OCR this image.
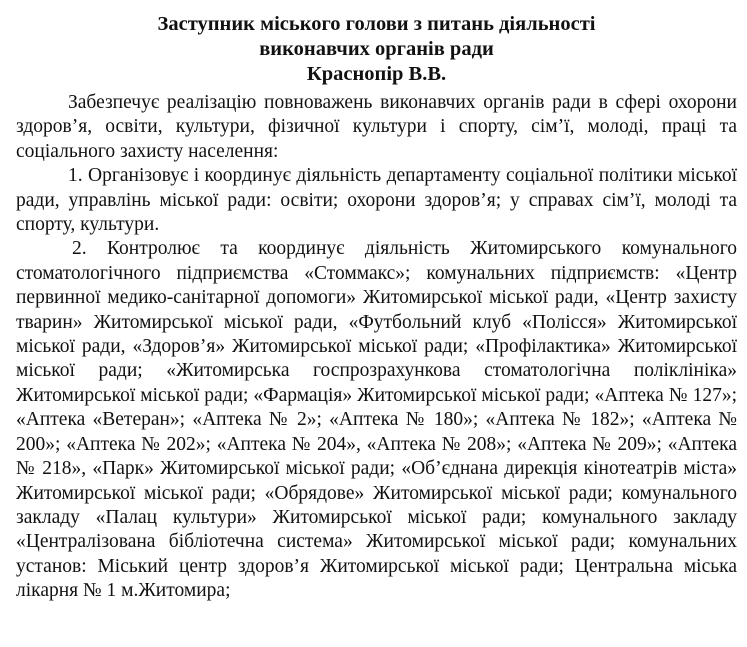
Заступник міського голови з питань діяльності
виконавчих органів ради
Краснопір В.В.

Забезпечує реалізацію повноважень виконавчих органів ради в сфері охорони здоров’я, освіти, культури, фізичної культури і спорту, сім’ї, молоді, праці та соціального захисту населення:

1. Організовує і координує діяльність департаменту соціальної політики міської ради, управлінь міської ради: освіти; охорони здоров’я; у справах сім’ї, молоді та спорту, культури.

2. Контролює та координує діяльність Житомирського комунального стоматологічного підприємства «Стоммакс»; комунальних підприємств: «Центр первинної медико-санітарної допомоги» Житомирської міської ради, «Центр захисту тварин» Житомирської міської ради, «Футбольний клуб «Полісся» Житомирської міської ради, «Здоров’я» Житомирської міської ради; «Профілактика» Житомирської міської ради; «Житомирська госпрозрахункова стоматологічна поліклініка» Житомирської міської ради; «Фармація» Житомирської міської ради; «Аптека № 127»; «Аптека «Ветеран»; «Аптека № 2»; «Аптека № 180»; «Аптека № 182»; «Аптека № 200»; «Аптека № 202»; «Аптека № 204», «Аптека № 208»; «Аптека № 209»; «Аптека № 218», «Парк» Житомирської міської ради; «Об’єднана дирекція кінотеатрів міста» Житомирської міської ради; «Обрядове» Житомирської міської ради; комунального закладу «Палац культури» Житомирської міської ради; комунального закладу «Централізована бібліотечна система» Житомирської міської ради; комунальних установ: Міський центр здоров’я Житомирської міської ради; Центральна міська лікарня № 1 м.Житомира;
